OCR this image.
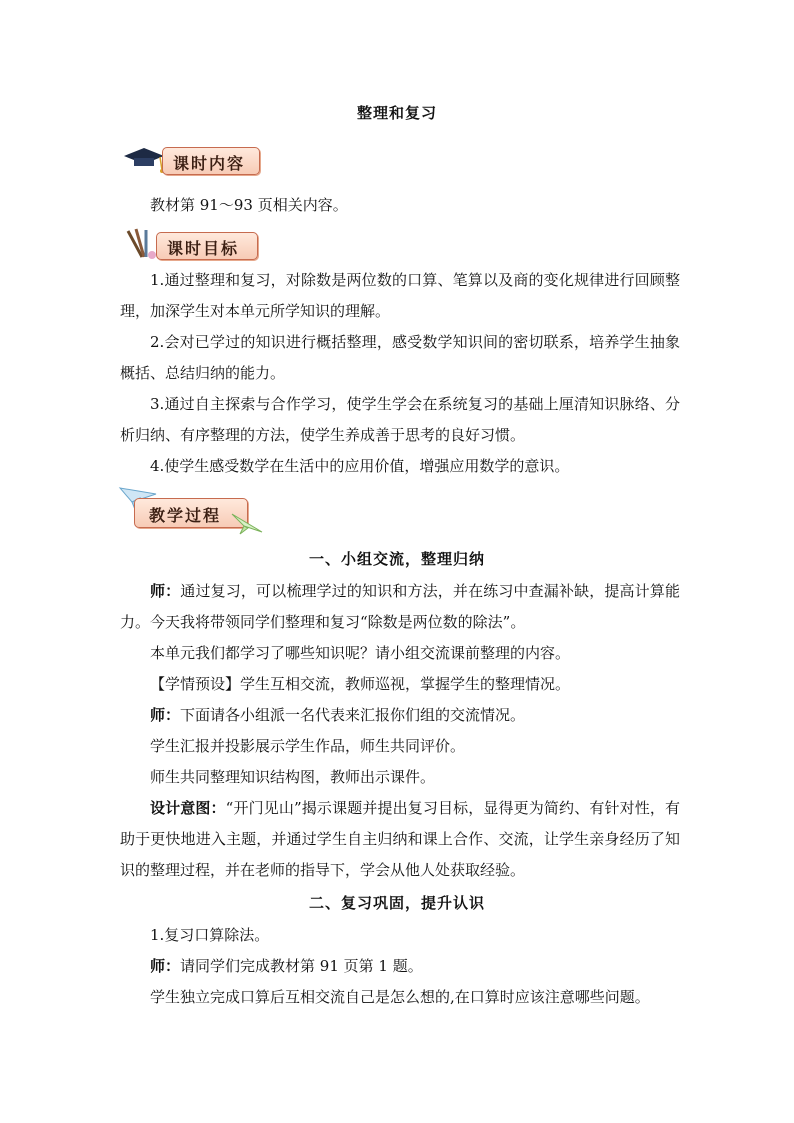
整理和复习
课时内容

教材第 91～93 页相关内容。

课时目标

1.通过整理和复习，对除数是两位数的口算、笔算以及商的变化规律进行回顾整理，加深学生对本单元所学知识的理解。

2.会对已学过的知识进行概括整理，感受数学知识间的密切联系，培养学生抽象概括、总结归纳的能力。

3.通过自主探索与合作学习，使学生学会在系统复习的基础上厘清知识脉络、分析归纳、有序整理的方法，使学生养成善于思考的良好习惯。

4.使学生感受数学在生活中的应用价值，增强应用数学的意识。

教学过程
一、小组交流，整理归纳

师：通过复习，可以梳理学过的知识和方法，并在练习中查漏补缺，提高计算能力。今天我将带领同学们整理和复习“除数是两位数的除法”。

本单元我们都学习了哪些知识呢？请小组交流课前整理的内容。

【学情预设】学生互相交流，教师巡视，掌握学生的整理情况。

师：下面请各小组派一名代表来汇报你们组的交流情况。

学生汇报并投影展示学生作品，师生共同评价。

师生共同整理知识结构图，教师出示课件。

设计意图：“开门见山”揭示课题并提出复习目标，显得更为简约、有针对性，有助于更快地进入主题，并通过学生自主归纳和课上合作、交流，让学生亲身经历了知识的整理过程，并在老师的指导下，学会从他人处获取经验。

二、复习巩固，提升认识

1.复习口算除法。

师：请同学们完成教材第 91 页第 1 题。

学生独立完成口算后互相交流自己是怎么想的,在口算时应该注意哪些问题。
